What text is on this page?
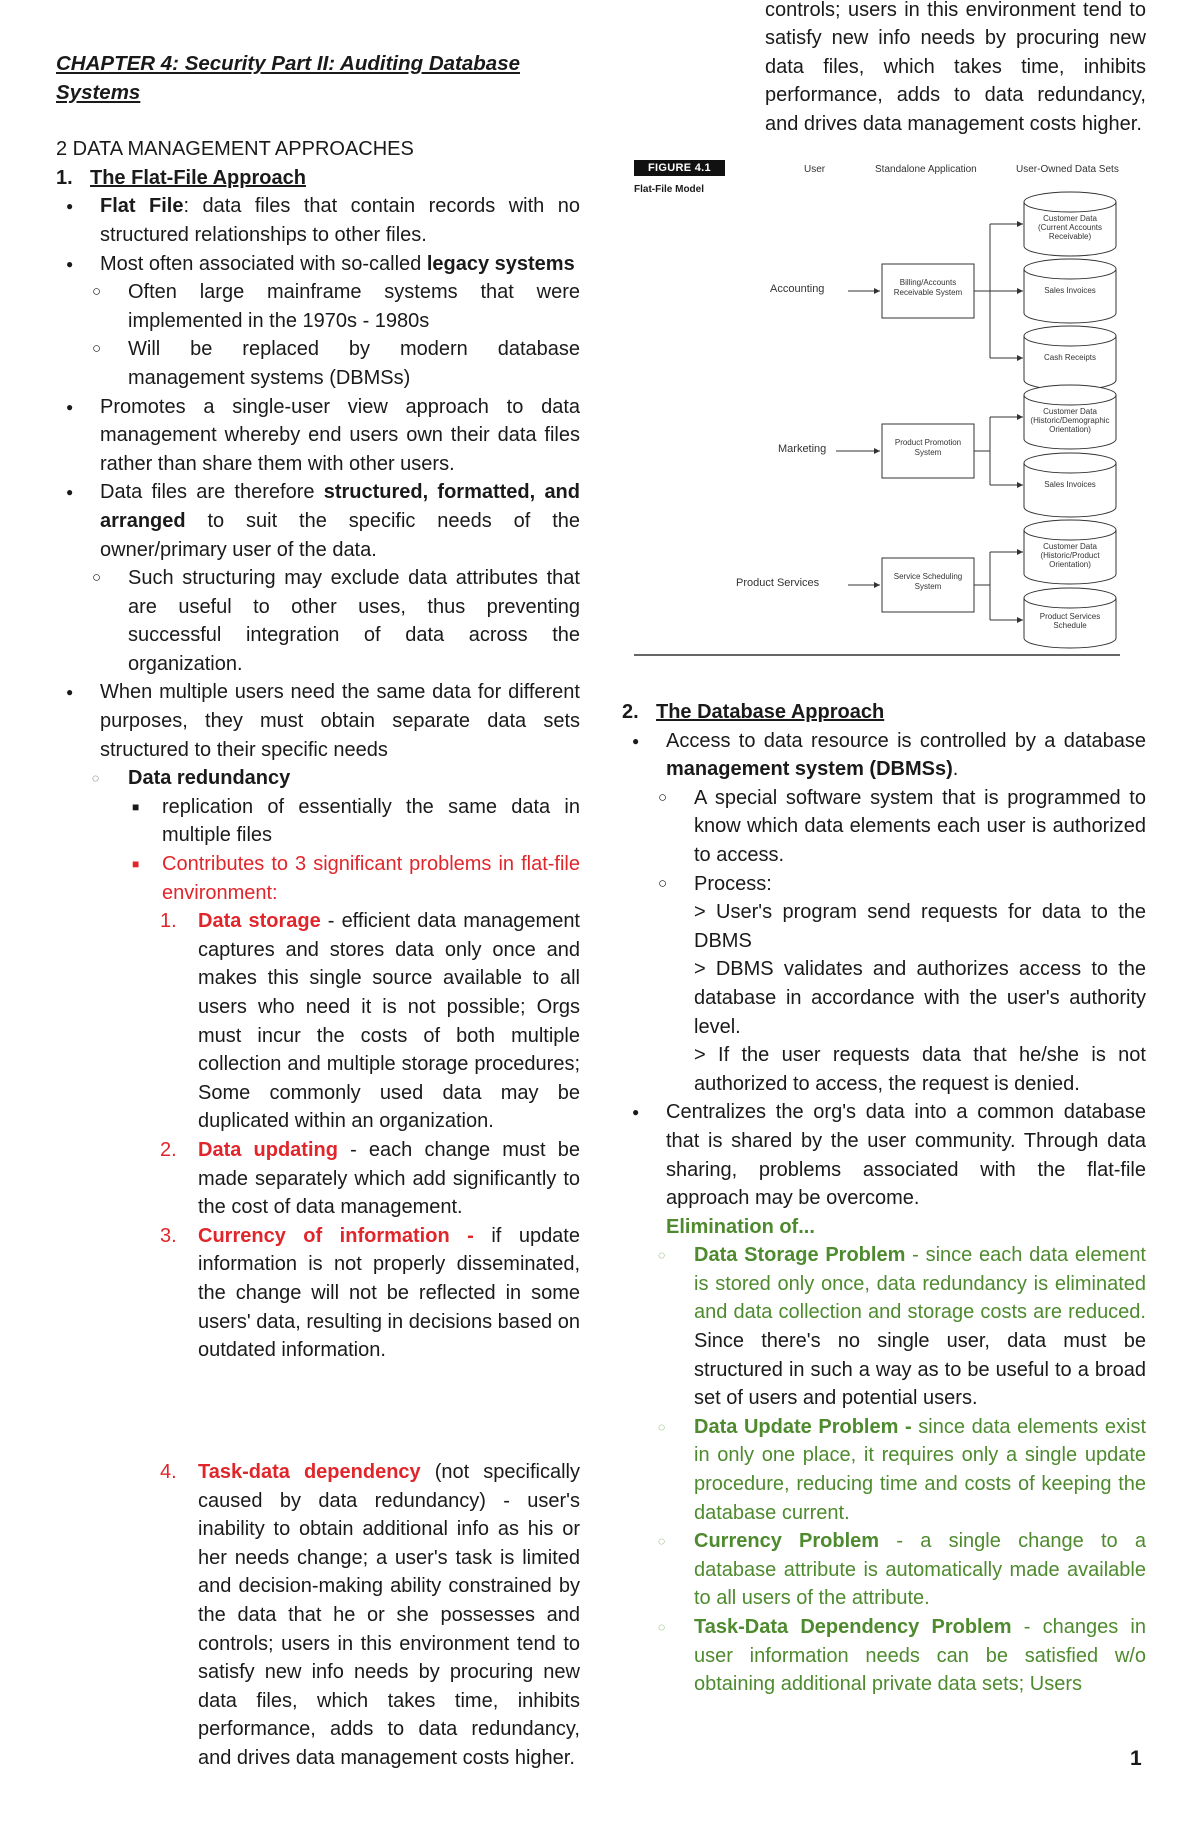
CHAPTER 4: Security Part II: Auditing Database
Systems
2 DATA MANAGEMENT APPROACHES
1. The Flat-File Approach
● Flat File: data files that contain records with no structured relationships to other files.
● Most often associated with so-called legacy systems
○ Often large mainframe systems that were implemented in the 1970s - 1980s
○ Will be replaced by modern database management systems (DBMSs)
● Promotes a single-user view approach to data management whereby end users own their data files rather than share them with other users.
● Data files are therefore structured, formatted, and arranged to suit the specific needs of the owner/primary user of the data.
○ Such structuring may exclude data attributes that are useful to other uses, thus preventing successful integration of data across the organization.
● When multiple users need the same data for different purposes, they must obtain separate data sets structured to their specific needs
◌ Data redundancy
■ replication of essentially the same data in multiple files
■ Contributes to 3 significant problems in flat-file environment:
1. Data storage - efficient data management captures and stores data only once and makes this single source available to all users who need it is not possible; Orgs must incur the costs of both multiple collection and multiple storage procedures; Some commonly used data may be duplicated within an organization.
2. Data updating - each change must be made separately which add significantly to the cost of data management.
3. Currency of information - if update information is not properly disseminated, the change will not be reflected in some users' data, resulting in decisions based on outdated information.
4. Task-data dependency (not specifically caused by data redundancy) - user's inability to obtain additional info as his or her needs change; a user's task is limited and decision-making ability constrained by the data that he or she possesses and controls; users in this environment tend to satisfy new info needs by procuring new data files, which takes time, inhibits performance, adds to data redundancy, and drives data management costs higher.
controls; users in this environment tend to satisfy new info needs by procuring new data files, which takes time, inhibits performance, adds to data redundancy, and drives data management costs higher.
FIGURE 4.1
Flat-File Model
User	Standalone Application	User-Owned Data Sets
Accounting
Marketing
Product Services
Billing/Accounts Receivable System
Product Promotion System
Service Scheduling System
Customer Data (Current Accounts Receivable)
Sales Invoices
Cash Receipts
Customer Data (Historic/Demographic Orientation)
Sales Invoices
Customer Data (Historic/Product Orientation)
Product Services Schedule
2. The Database Approach
● Access to data resource is controlled by a database management system (DBMSs).
○ A special software system that is programmed to know which data elements each user is authorized to access.
○ Process:
> User's program send requests for data to the DBMS
> DBMS validates and authorizes access to the database in accordance with the user's authority level.
> If the user requests data that he/she is not authorized to access, the request is denied.
● Centralizes the org's data into a common database that is shared by the user community. Through data sharing, problems associated with the flat-file approach may be overcome.
Elimination of...
◌ Data Storage Problem - since each data element is stored only once, data redundancy is eliminated and data collection and storage costs are reduced. Since there's no single user, data must be structured in such a way as to be useful to a broad set of users and potential users.
◌ Data Update Problem - since data elements exist in only one place, it requires only a single update procedure, reducing time and costs of keeping the database current.
◌ Currency Problem - a single change to a database attribute is automatically made available to all users of the attribute.
◌ Task-Data Dependency Problem - changes in user information needs can be satisfied w/o obtaining additional private data sets; Users
1
